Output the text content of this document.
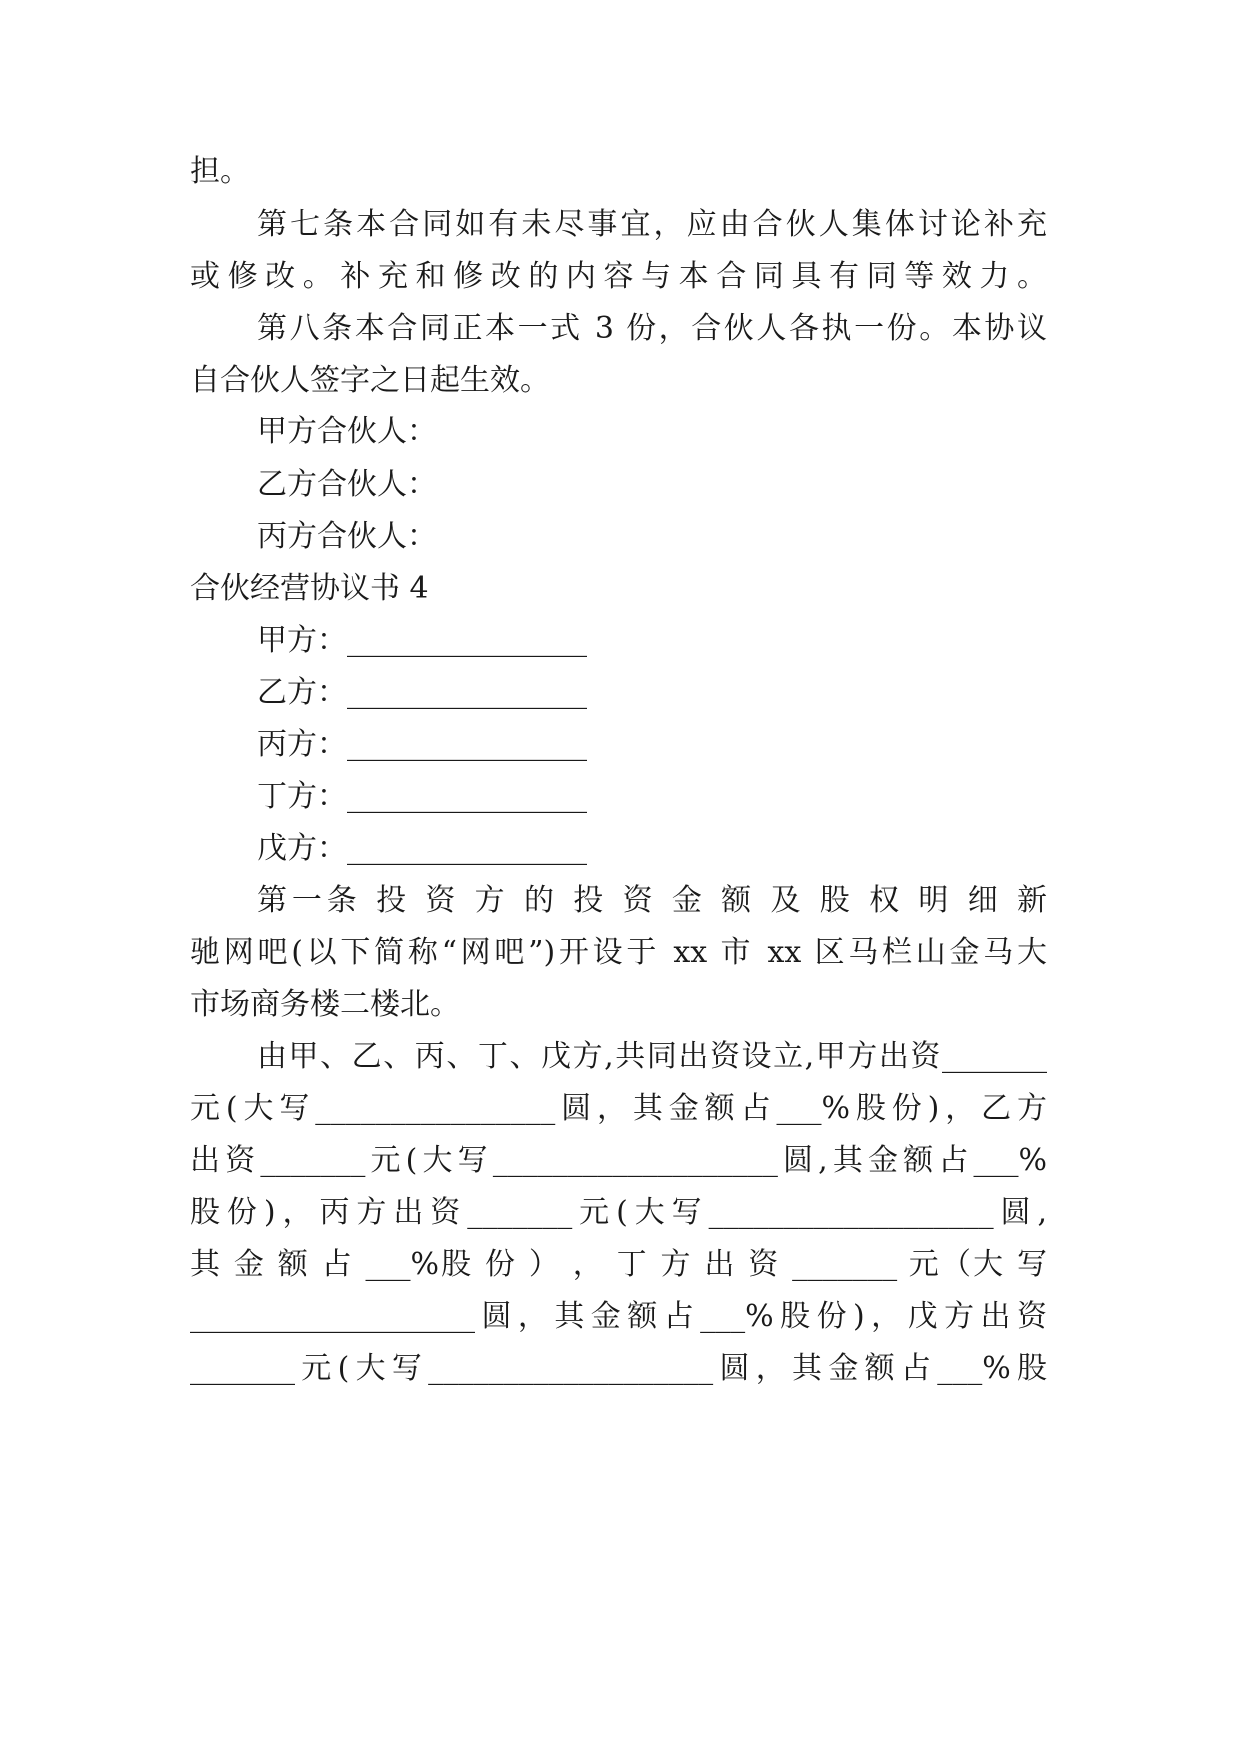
担。
第七条本合同如有未尽事宜，应由合伙人集体讨论补充
或修改。补充和修改的内容与本合同具有同等效力。
第八条本合同正本一式 3 份，合伙人各执一份。本协议
自合伙人签字之日起生效。
甲方合伙人：
乙方合伙人：
丙方合伙人：
合伙经营协议书 4
甲方：________________
乙方：________________
丙方：________________
丁方：________________
戊方：________________
第一条 投 资 方 的 投 资 金 额 及 股 权 明 细 新
驰网吧(以下简称“网吧”)开设于 xx 市 xx 区马栏山金马大
市场商务楼二楼北。
由甲、乙、丙、丁、戊方,共同出资设立,甲方出资_______
元(大写________________圆，其金额占___%股份)，乙方
出资_______元(大写___________________圆,其金额占___%
股份)，丙方出资_______元(大写___________________圆,
其 金 额 占 ___%股 份 ） ， 丁 方 出 资 _______ 元（大 写
___________________圆，其金额占___%股份)，戊方出资
_______元(大写___________________圆，其金额占___%股
